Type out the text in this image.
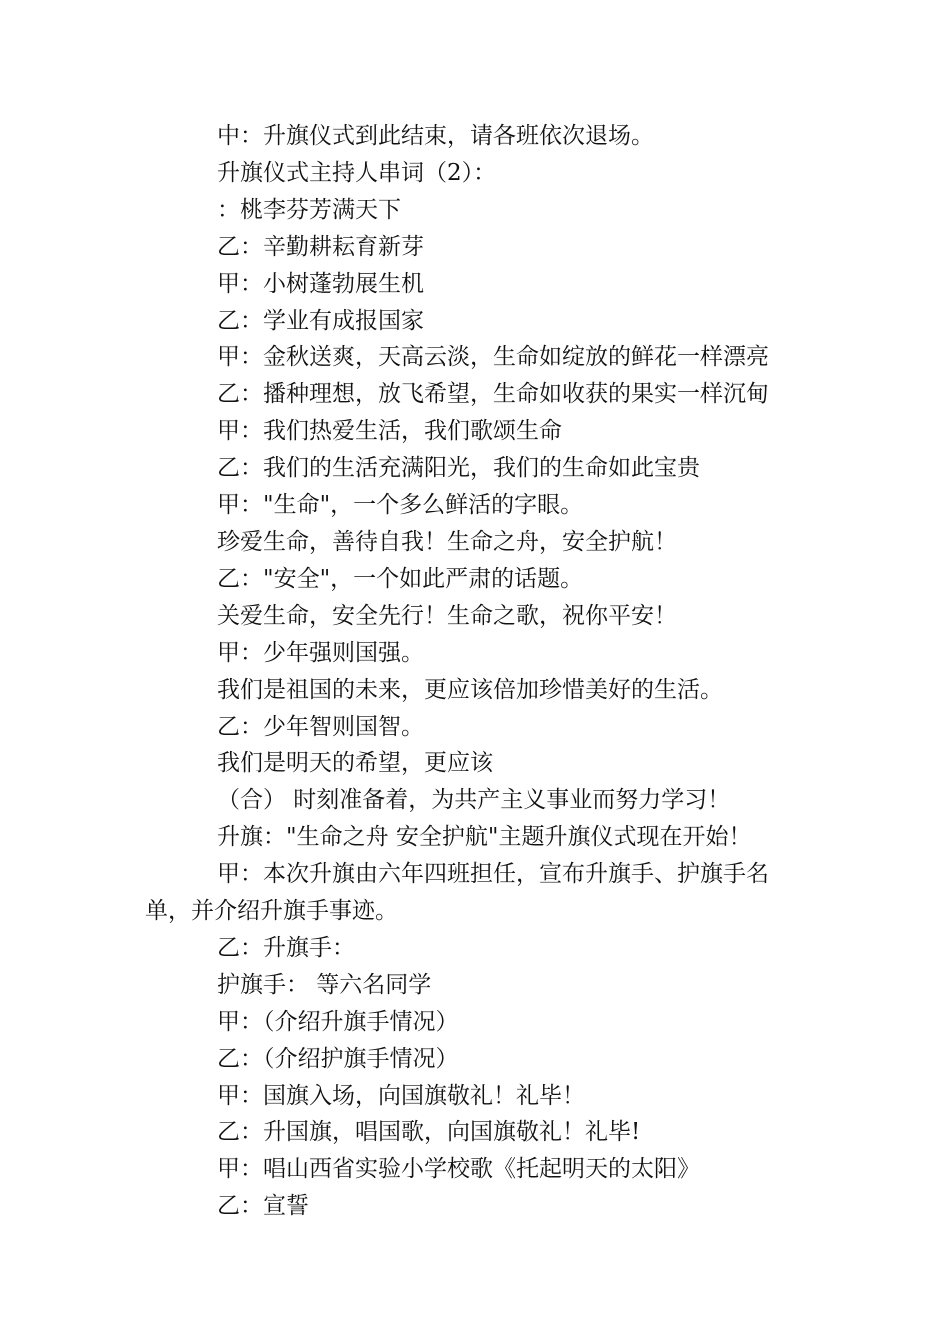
中：升旗仪式到此结束，请各班依次退场。

升旗仪式主持人串词（2）：

：桃李芬芳满天下

乙：辛勤耕耘育新芽

甲：小树蓬勃展生机

乙：学业有成报国家

甲：金秋送爽，天高云淡，生命如绽放的鲜花一样漂亮

乙：播种理想，放飞希望，生命如收获的果实一样沉甸

甲：我们热爱生活，我们歌颂生命

乙：我们的生活充满阳光，我们的生命如此宝贵

甲："生命"，一个多么鲜活的字眼。

珍爱生命，善待自我！生命之舟，安全护航！

乙："安全"，一个如此严肃的话题。

关爱生命，安全先行！生命之歌，祝你平安！

甲：少年强则国强。

我们是祖国的未来，更应该倍加珍惜美好的生活。

乙：少年智则国智。

我们是明天的希望，更应该

（合） 时刻准备着，为共产主义事业而努力学习！

升旗："生命之舟 安全护航"主题升旗仪式现在开始！

甲：本次升旗由六年四班担任，宣布升旗手、护旗手名单，并介绍升旗手事迹。

乙：升旗手：

护旗手： 等六名同学

甲：（介绍升旗手情况）

乙：（介绍护旗手情况）

甲：国旗入场，向国旗敬礼！礼毕！

乙：升国旗，唱国歌，向国旗敬礼！礼毕!

甲：唱山西省实验小学校歌《托起明天的太阳》

乙：宣誓
